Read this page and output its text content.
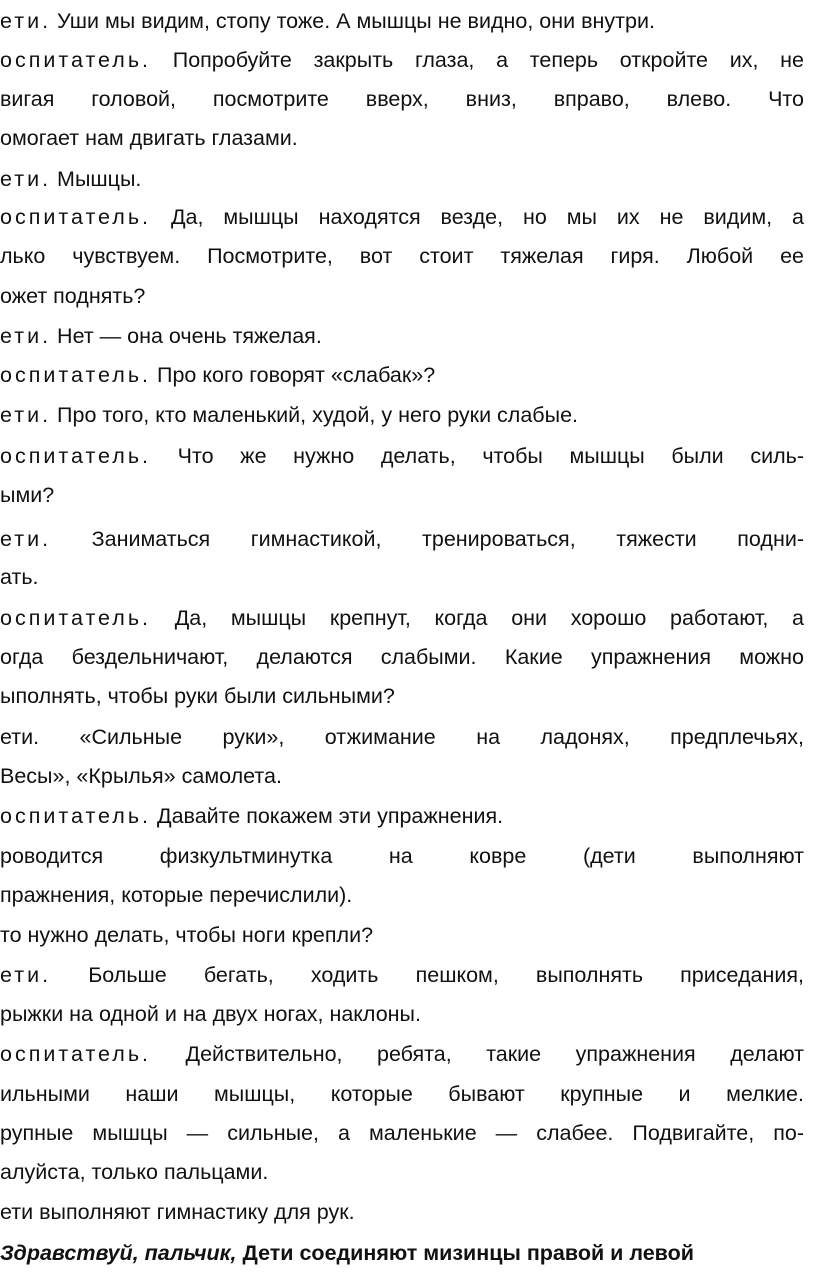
ети. Уши мы видим, стопу тоже. А мышцы не видно, они внутри.
оспитатель. Попробуйте закрыть глаза, а теперь откройте их, не
вигая головой, посмотрите вверх, вниз, вправо, влево. Что
омогает нам двигать глазами.
ети. Мышцы.
оспитатель. Да, мышцы находятся везде, но мы их не видим, а
лько чувствуем. Посмотрите, вот стоит тяжелая гиря. Любой ее
ожет поднять?
ети. Нет — она очень тяжелая.
оспитатель. Про кого говорят «слабак»?
ети. Про того, кто маленький, худой, у него руки слабые.
оспитатель. Что же нужно делать, чтобы мышцы были силь-
ыми?
ети. Заниматься гимнастикой, тренироваться, тяжести подни-
ать.
оспитатель. Да, мышцы крепнут, когда они хорошо работают, а
огда бездельничают, делаются слабыми. Какие упражнения можно
ыполнять, чтобы руки были сильными?
ети. «Сильные руки», отжимание на ладонях, предплечьях,
Весы», «Крылья» самолета.
оспитатель. Давайте покажем эти упражнения.
роводится физкультминутка на ковре (дети выполняют
пражнения, которые перечислили).
то нужно делать, чтобы ноги крепли?
ети. Больше бегать, ходить пешком, выполнять приседания,
рыжки на одной и на двух ногах, наклоны.
оспитатель. Действительно, ребята, такие упражнения делают
ильными наши мышцы, которые бывают крупные и мелкие.
рупные мышцы — сильные, а маленькие — слабее. Подвигайте, по-
алуйста, только пальцами.
ети выполняют гимнастику для рук.
Здравствуй, пальчик, Дети соединяют мизинцы правой и левой
